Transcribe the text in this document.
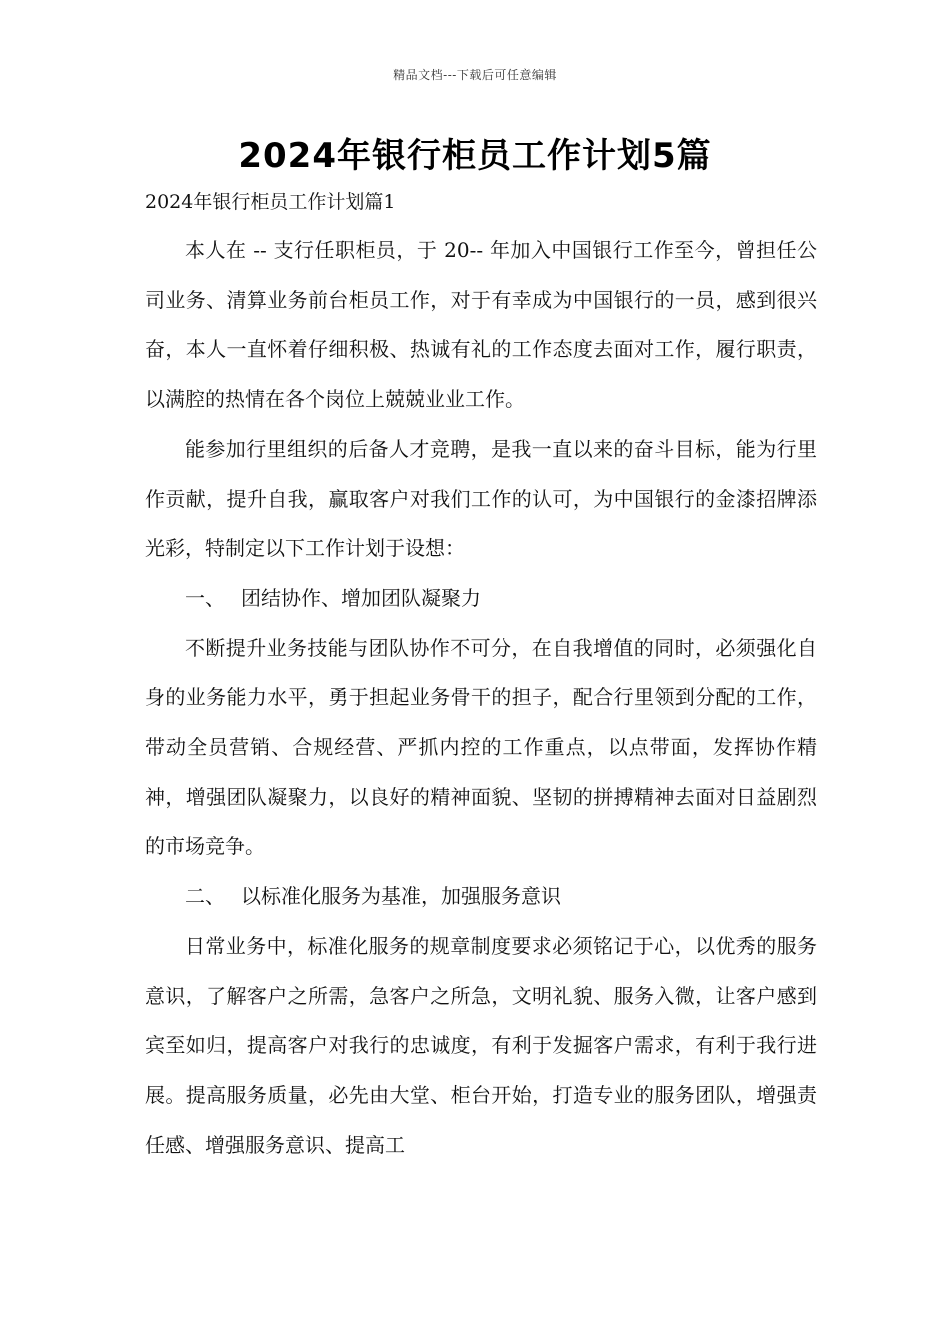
精品文档---下载后可任意编辑
2024年银行柜员工作计划5篇
2024年银行柜员工作计划篇1

本人在 -- 支行任职柜员，于 20-- 年加入中国银行工作至今，曾担任公司业务、清算业务前台柜员工作，对于有幸成为中国银行的一员，感到很兴奋，本人一直怀着仔细积极、热诚有礼的工作态度去面对工作，履行职责，以满腔的热情在各个岗位上兢兢业业工作。

能参加行里组织的后备人才竞聘，是我一直以来的奋斗目标，能为行里作贡献，提升自我，赢取客户对我们工作的认可，为中国银行的金漆招牌添光彩，特制定以下工作计划于设想：

一、 团结协作、增加团队凝聚力

不断提升业务技能与团队协作不可分，在自我增值的同时，必须强化自身的业务能力水平，勇于担起业务骨干的担子，配合行里领到分配的工作，带动全员营销、合规经营、严抓内控的工作重点，以点带面，发挥协作精神，增强团队凝聚力，以良好的精神面貌、坚韧的拼搏精神去面对日益剧烈的市场竞争。

二、 以标准化服务为基准，加强服务意识

日常业务中，标准化服务的规章制度要求必须铭记于心，以优秀的服务意识，了解客户之所需，急客户之所急，文明礼貌、服务入微，让客户感到宾至如归，提高客户对我行的忠诚度，有利于发掘客户需求，有利于我行进展。提高服务质量，必先由大堂、柜台开始，打造专业的服务团队，增强责任感、增强服务意识、提高工
